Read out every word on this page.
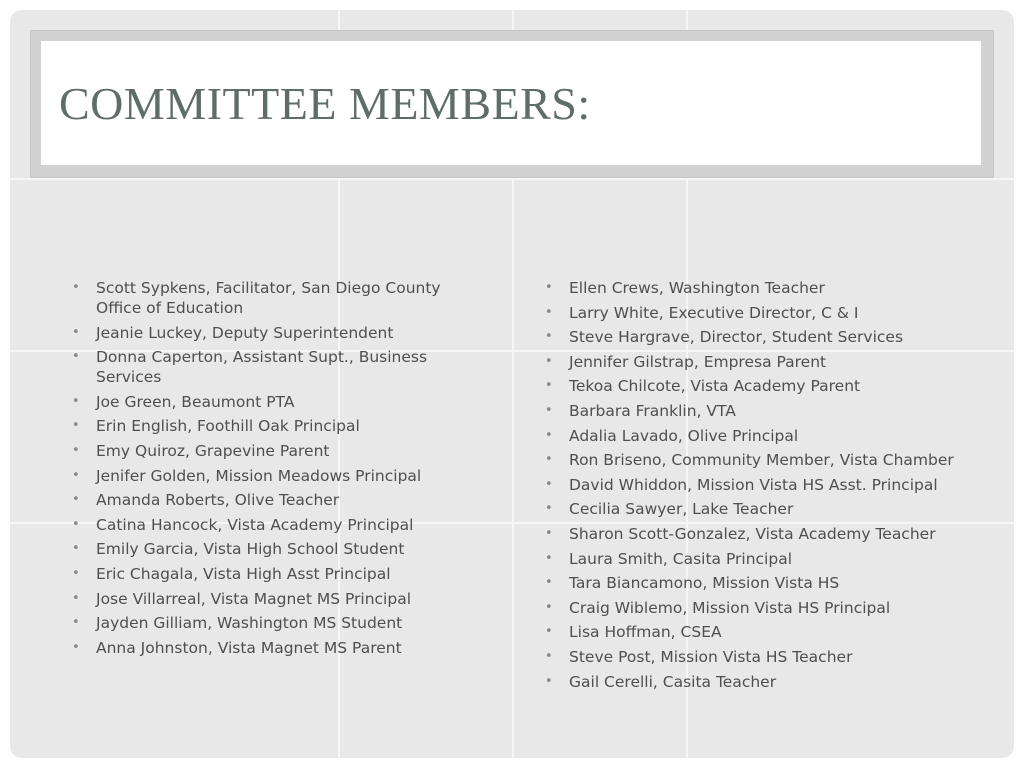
COMMITTEE MEMBERS:
• Scott Sypkens, Facilitator, San Diego County Office of Education
• Jeanie Luckey, Deputy Superintendent
• Donna Caperton, Assistant Supt., Business Services
• Joe Green, Beaumont PTA
• Erin English, Foothill Oak Principal
• Emy Quiroz, Grapevine Parent
• Jenifer Golden, Mission Meadows Principal
• Amanda Roberts, Olive Teacher
• Catina Hancock, Vista Academy Principal
• Emily Garcia, Vista High School Student
• Eric Chagala, Vista High Asst Principal
• Jose Villarreal, Vista Magnet MS Principal
• Jayden Gilliam, Washington MS Student
• Anna Johnston, Vista Magnet MS Parent
• Ellen Crews, Washington Teacher
• Larry White, Executive Director, C & I
• Steve Hargrave, Director, Student Services
• Jennifer Gilstrap, Empresa Parent
• Tekoa Chilcote, Vista Academy Parent
• Barbara Franklin, VTA
• Adalia Lavado, Olive Principal
• Ron Briseno, Community Member, Vista Chamber
• David Whiddon, Mission Vista HS Asst. Principal
• Cecilia Sawyer, Lake Teacher
• Sharon Scott-Gonzalez, Vista Academy Teacher
• Laura Smith, Casita Principal
• Tara Biancamono, Mission Vista HS
• Craig Wiblemo, Mission Vista HS Principal
• Lisa Hoffman, CSEA
• Steve Post, Mission Vista HS Teacher
• Gail Cerelli, Casita Teacher
